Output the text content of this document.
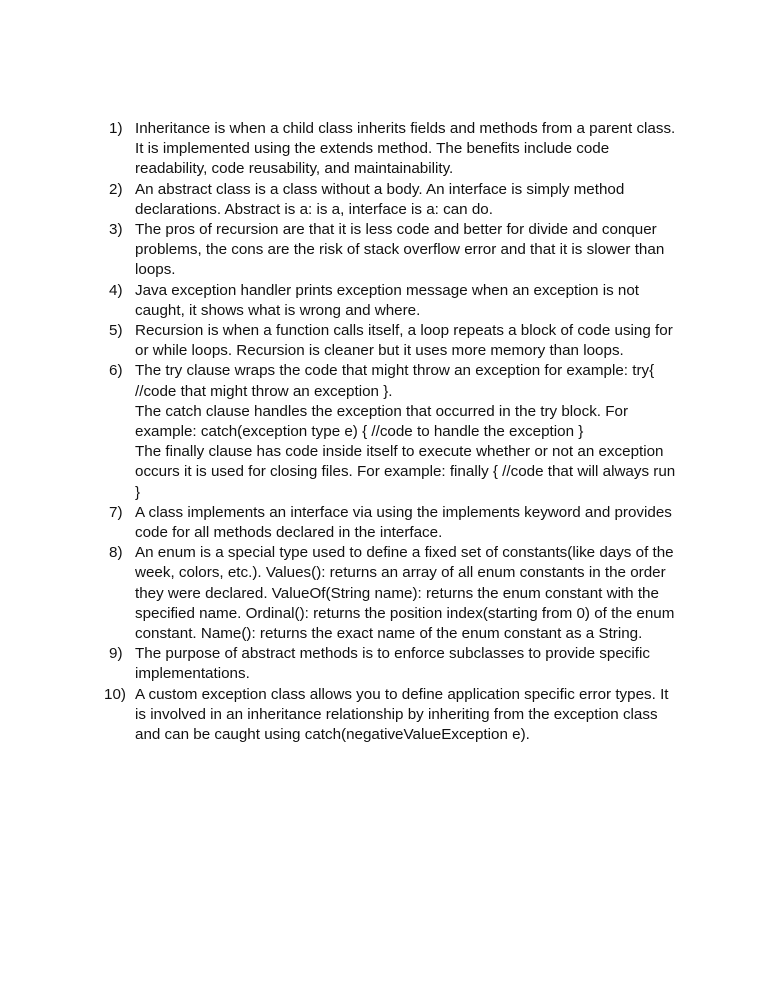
1) Inheritance is when a child class inherits fields and methods from a parent class. It is implemented using the extends method. The benefits include code readability, code reusability, and maintainability.
2) An abstract class is a class without a body. An interface is simply method declarations. Abstract is a: is a, interface is a: can do.
3) The pros of recursion are that it is less code and better for divide and conquer problems, the cons are the risk of stack overflow error and that it is slower than loops.
4) Java exception handler prints exception message when an exception is not caught, it shows what is wrong and where.
5) Recursion is when a function calls itself, a loop repeats a block of code using for or while loops. Recursion is cleaner but it uses more memory than loops.
6) The try clause wraps the code that might throw an exception for example: try{ //code that might throw an exception }.
The catch clause handles the exception that occurred in the try block. For example: catch(exception type e) { //code to handle the exception }
The finally clause has code inside itself to execute whether or not an exception occurs it is used for closing files. For example: finally { //code that will always run }
7) A class implements an interface via using the implements keyword and provides code for all methods declared in the interface.
8) An enum is a special type used to define a fixed set of constants(like days of the week, colors, etc.). Values(): returns an array of all enum constants in the order they were declared. ValueOf(String name): returns the enum constant with the specified name. Ordinal(): returns the position index(starting from 0) of the enum constant. Name(): returns the exact name of the enum constant as a String.
9) The purpose of abstract methods is to enforce subclasses to provide specific implementations.
10) A custom exception class allows you to define application specific error types. It is involved in an inheritance relationship by inheriting from the exception class and can be caught using catch(negativeValueException e).
